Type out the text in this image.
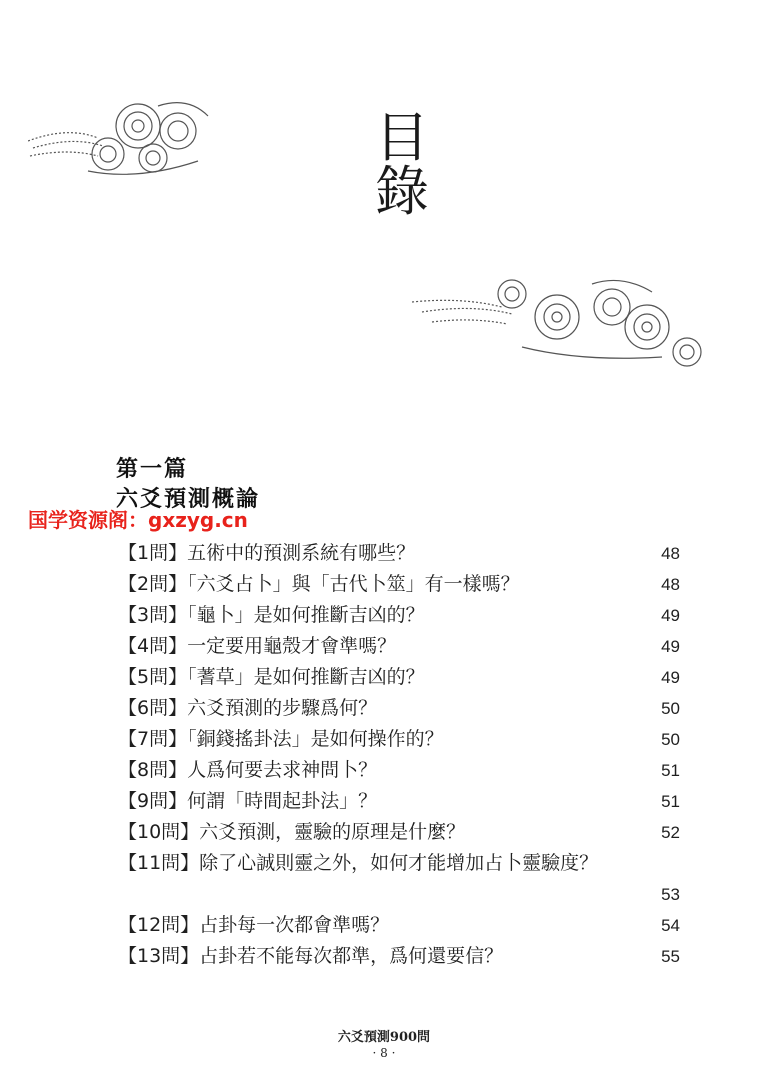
目
錄
第一篇
六爻預測概論
国学资源阁：gxzyg.cn
【1問】五術中的預測系統有哪些？	48
【2問】「六爻占卜」與「古代卜筮」有一樣嗎？	48
【3問】「龜卜」是如何推斷吉凶的？	49
【4問】一定要用龜殼才會準嗎？	49
【5問】「蓍草」是如何推斷吉凶的？	49
【6問】六爻預測的步驟爲何？	50
【7問】「銅錢搖卦法」是如何操作的？	50
【8問】人爲何要去求神問卜？	51
【9問】何謂「時間起卦法」？	51
【10問】六爻預測，靈驗的原理是什麼？	52
【11問】除了心誠則靈之外，如何才能增加占卜靈驗度？
53
【12問】占卦每一次都會準嗎？	54
【13問】占卦若不能每次都準，爲何還要信？	55
六爻預測900問
· 8 ·
